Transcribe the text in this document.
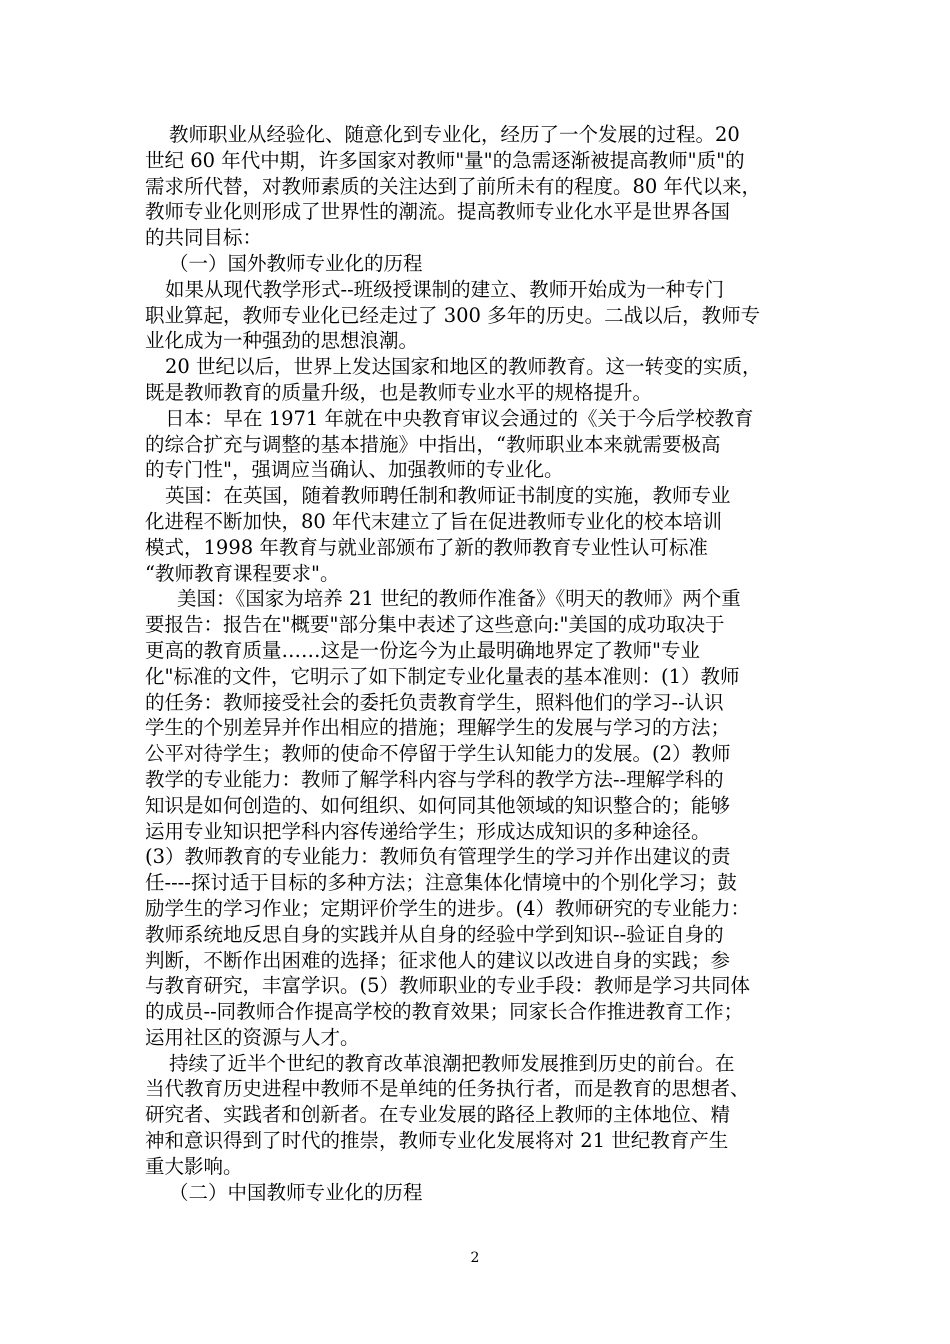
教师职业从经验化、随意化到专业化，经历了一个发展的过程。20
世纪 60 年代中期，许多国家对教师"量"的急需逐渐被提高教师"质"的
需求所代替，对教师素质的关注达到了前所未有的程度。80 年代以来，
教师专业化则形成了世界性的潮流。提高教师专业化水平是世界各国
的共同目标：
（一）国外教师专业化的历程
如果从现代教学形式--班级授课制的建立、教师开始成为一种专门
职业算起，教师专业化已经走过了 300 多年的历史。二战以后，教师专
业化成为一种强劲的思想浪潮。
20 世纪以后，世界上发达国家和地区的教师教育。这一转变的实质，
既是教师教育的质量升级，也是教师专业水平的规格提升。
日本：早在 1971 年就在中央教育审议会通过的《关于今后学校教育
的综合扩充与调整的基本措施》中指出，“教师职业本来就需要极高
的专门性"，强调应当确认、加强教师的专业化。
英国：在英国，随着教师聘任制和教师证书制度的实施，教师专业
化进程不断加快，80 年代末建立了旨在促进教师专业化的校本培训
模式，1998 年教育与就业部颁布了新的教师教育专业性认可标准
“教师教育课程要求"。
美国：《国家为培养 21 世纪的教师作准备》《明天的教师》两个重
要报告：报告在"概要"部分集中表述了这些意向:"美国的成功取决于
更高的教育质量……这是一份迄今为止最明确地界定了教师"专业
化"标准的文件，它明示了如下制定专业化量表的基本准则：(1）教师
的任务：教师接受社会的委托负责教育学生，照料他们的学习--认识
学生的个别差异并作出相应的措施；理解学生的发展与学习的方法；
公平对待学生；教师的使命不停留于学生认知能力的发展。(2）教师
教学的专业能力：教师了解学科内容与学科的教学方法--理解学科的
知识是如何创造的、如何组织、如何同其他领域的知识整合的；能够
运用专业知识把学科内容传递给学生；形成达成知识的多种途径。
(3）教师教育的专业能力：教师负有管理学生的学习并作出建议的责
任----探讨适于目标的多种方法；注意集体化情境中的个别化学习；鼓
励学生的学习作业；定期评价学生的进步。(4）教师研究的专业能力：
教师系统地反思自身的实践并从自身的经验中学到知识--验证自身的
判断，不断作出困难的选择；征求他人的建议以改进自身的实践；参
与教育研究，丰富学识。(5）教师职业的专业手段：教师是学习共同体
的成员--同教师合作提高学校的教育效果；同家长合作推进教育工作；
运用社区的资源与人才。
持续了近半个世纪的教育改革浪潮把教师发展推到历史的前台。在
当代教育历史进程中教师不是单纯的任务执行者，而是教育的思想者、
研究者、实践者和创新者。在专业发展的路径上教师的主体地位、精
神和意识得到了时代的推崇，教师专业化发展将对 21 世纪教育产生
重大影响。
（二）中国教师专业化的历程
2
